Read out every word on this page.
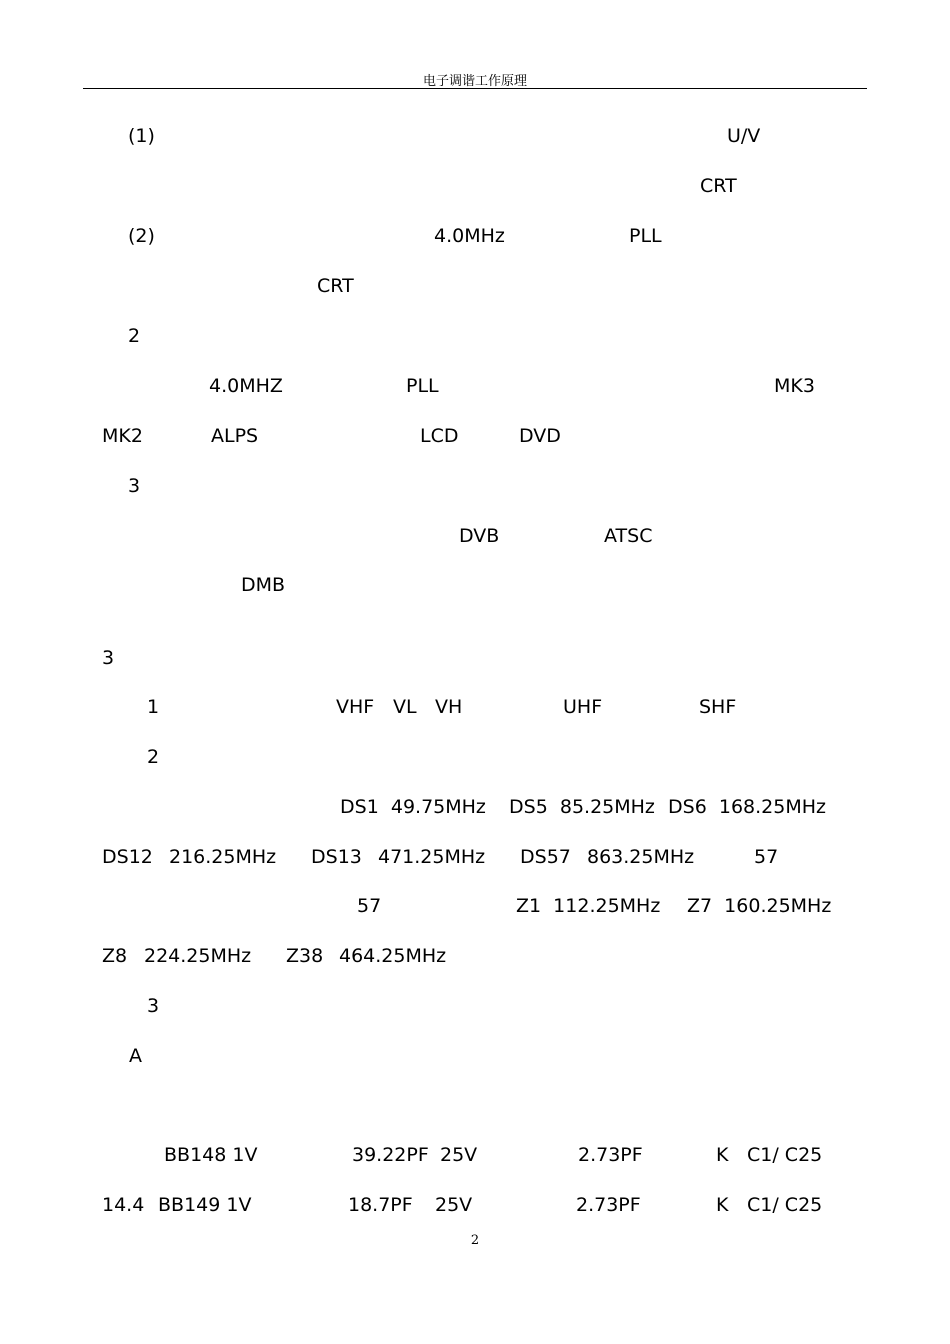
电子调谐工作原理
(1)	U/V
CRT
(2)	4.0MHz	PLL
CRT
2
4.0MHZ	PLL	MK3
MK2	ALPS	LCD	DVD
3
DVB	ATSC
DMB
3
1	VHF VL VH	UHF	SHF
2
DS1  49.75MHz DS5  85.25MHz DS6  168.25MHz
DS12 216.25MHz DS13 471.25MHz DS57 863.25MHz	57
57	Z1  112.25MHz Z7  160.25MHz
Z8 224.25MHz Z38 464.25MHz
3
A
BB148 1V	39.22PF 25V	2.73PF	K C1/ C25
14.4 BB149 1V	18.7PF 25V	2.73PF	K C1/ C25
2
